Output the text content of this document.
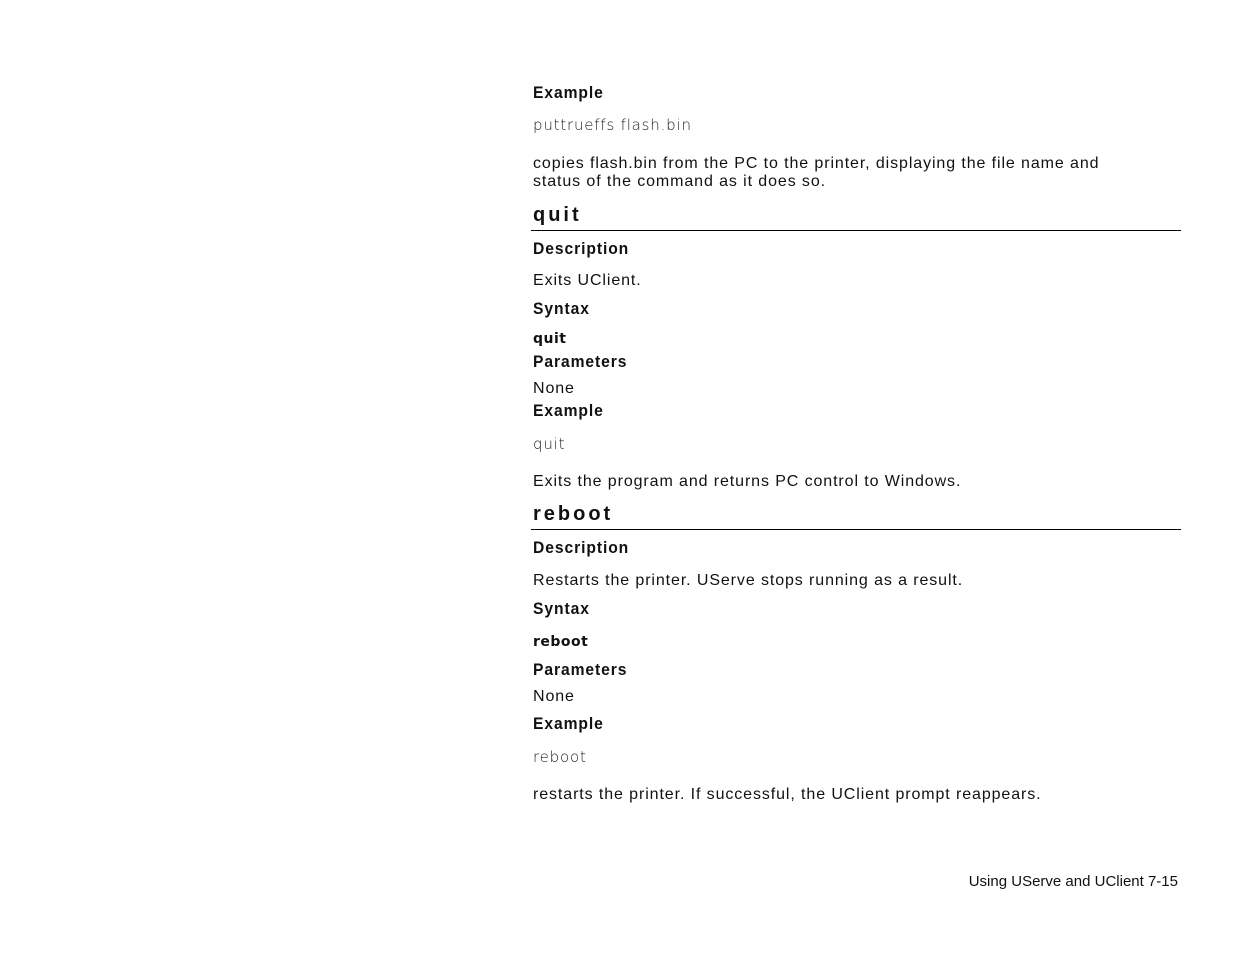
Example
puttrueffs flash.bin
copies flash.bin from the PC to the printer, displaying the file name and
status of the command as it does so.
quit
Description
Exits UClient.
Syntax
quit
Parameters
None
Example
quit
Exits the program and returns PC control to Windows.
reboot
Description
Restarts the printer. UServe stops running as a result.
Syntax
reboot
Parameters
None
Example
reboot
restarts the printer. If successful, the UClient prompt reappears.
Using UServe and UClient 7-15
